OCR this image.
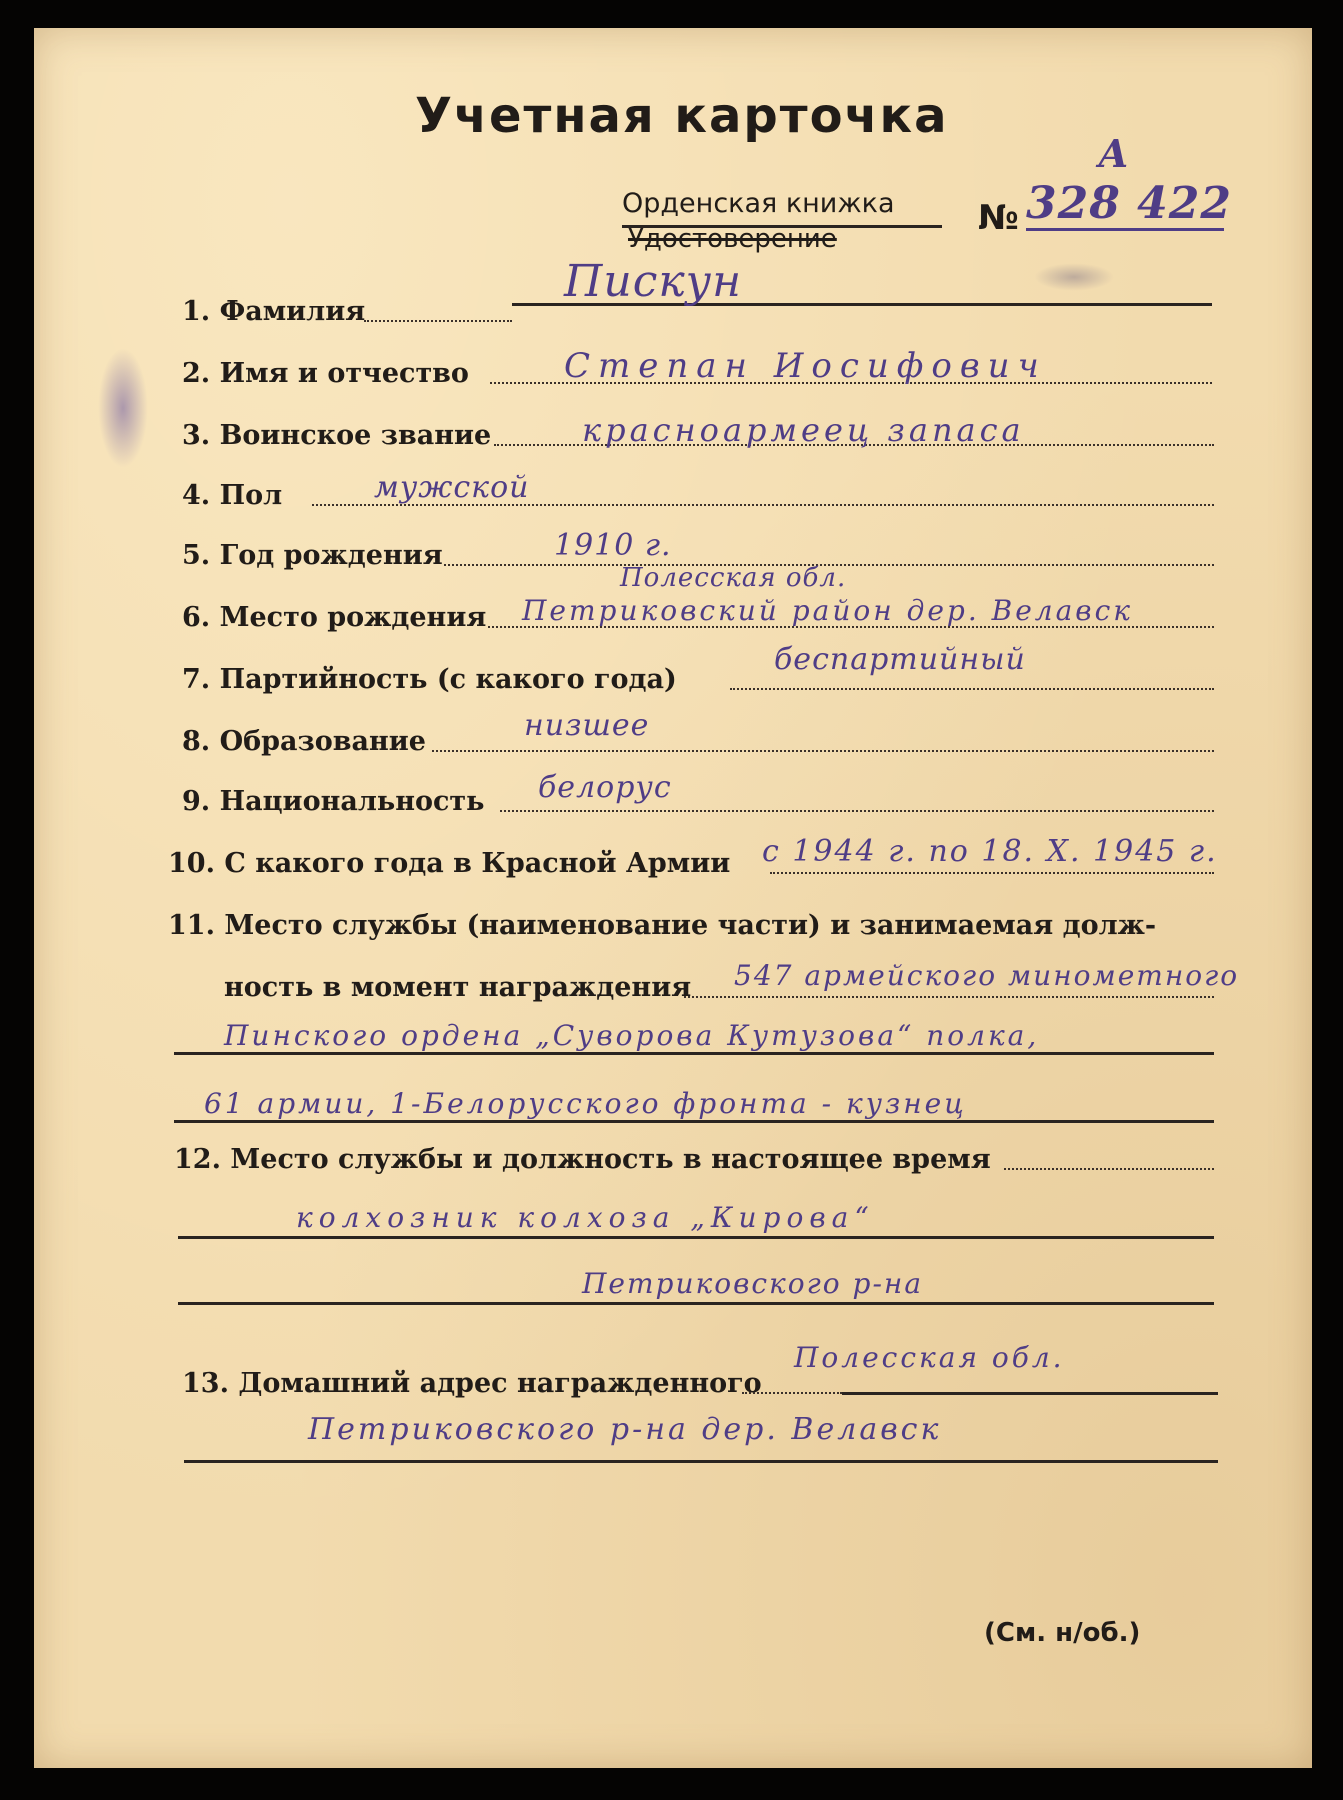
Учетная карточка
Орденская книжка
Удостоверение
№
А
328 422
1. Фамилия
Пискун
2. Имя и отчество	Степан Иосифович
3. Воинское звание	красноармеец запаса
4. Пол	мужской
5. Год рождения	1910 г.
6. Место рождения
Полесская обл.
Петриковский район дер. Велавск
7. Партийность (с какого года)
беспартийный
8. Образование	низшее
9. Национальность белорус
10. С какого года в Красной Армии с 1944 г. по 18. X. 1945 г.
11. Место службы (наименование части) и занимаемая долж-
ность в момент награждения 547 армейского минометного
Пинского ордена „Суворова Кутузова“ полка,
61 армии, 1-Белорусского фронта - кузнец
12. Место службы и должность в настоящее время
колхозник колхоза „Кирова“
Петриковского р-на
13. Домашний адрес награжденного
Полесская обл.
Петриковского р-на дер. Велавск
(См. н/об.)
